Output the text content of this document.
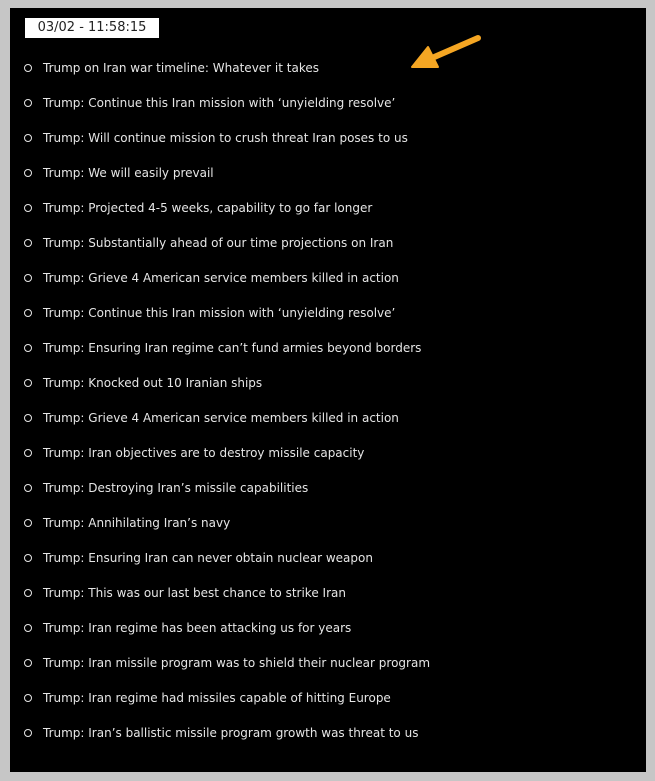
03/02 - 11:58:15
Trump on Iran war timeline: Whatever it takes
Trump: Continue this Iran mission with ‘unyielding resolve’
Trump: Will continue mission to crush threat Iran poses to us
Trump: We will easily prevail
Trump: Projected 4-5 weeks, capability to go far longer
Trump: Substantially ahead of our time projections on Iran
Trump: Grieve 4 American service members killed in action
Trump: Continue this Iran mission with ‘unyielding resolve’
Trump: Ensuring Iran regime can’t fund armies beyond borders
Trump: Knocked out 10 Iranian ships
Trump: Grieve 4 American service members killed in action
Trump: Iran objectives are to destroy missile capacity
Trump: Destroying Iran’s missile capabilities
Trump: Annihilating Iran’s navy
Trump: Ensuring Iran can never obtain nuclear weapon
Trump: This was our last best chance to strike Iran
Trump: Iran regime has been attacking us for years
Trump: Iran missile program was to shield their nuclear program
Trump: Iran regime had missiles capable of hitting Europe
Trump: Iran’s ballistic missile program growth was threat to us
